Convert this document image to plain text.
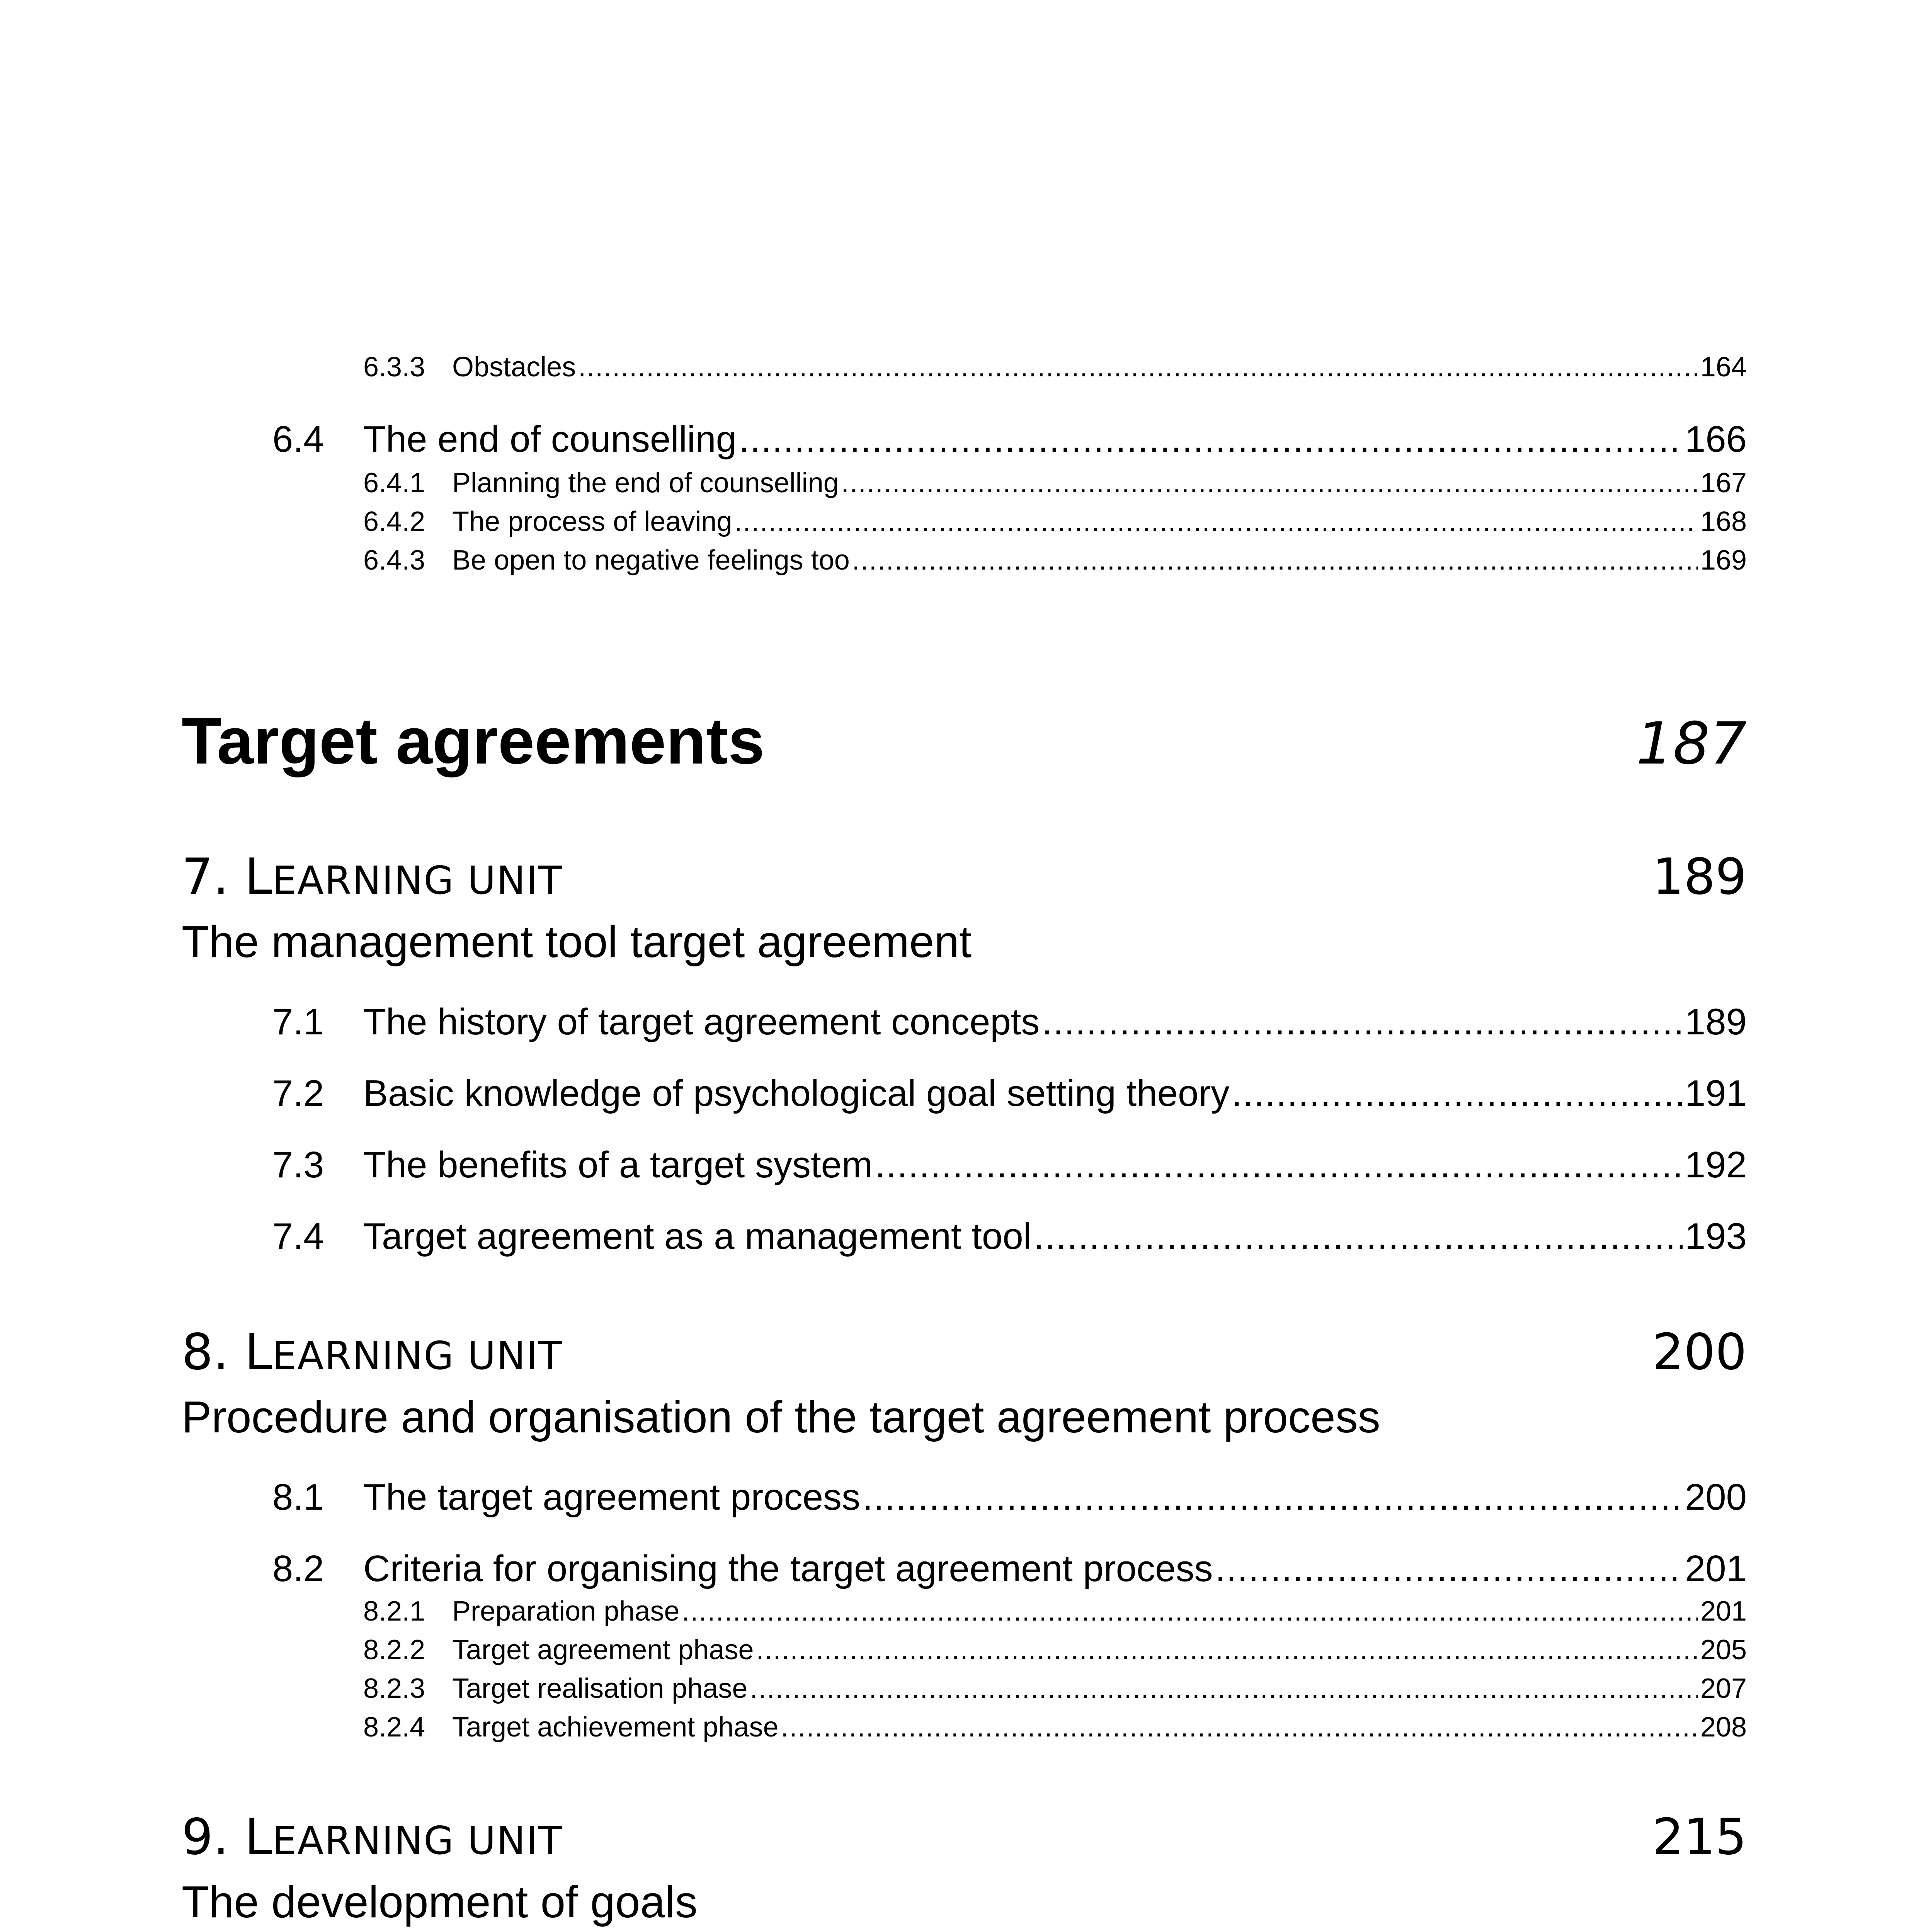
6.3.3 Obstacles .....	164
6.4	The end of counselling .....	166
6.4.1 Planning the end of counselling .....	167
6.4.2 The process of leaving .....	168
6.4.3 Be open to negative feelings too .....	169
Target agreements	187
7. LEARNING UNIT	189
The management tool target agreement
7.1	The history of target agreement concepts .....	189
7.2	Basic knowledge of psychological goal setting theory .....	191
7.3	The benefits of a target system .....	192
7.4	Target agreement as a management tool .....	193
8. LEARNING UNIT	200
Procedure and organisation of the target agreement process
8.1	The target agreement process .....	200
8.2	Criteria for organising the target agreement process .....	201
8.2.1 Preparation phase .....	201
8.2.2 Target agreement phase .....	205
8.2.3 Target realisation phase .....	207
8.2.4 Target achievement phase .....	208
9. LEARNING UNIT	215
The development of goals
